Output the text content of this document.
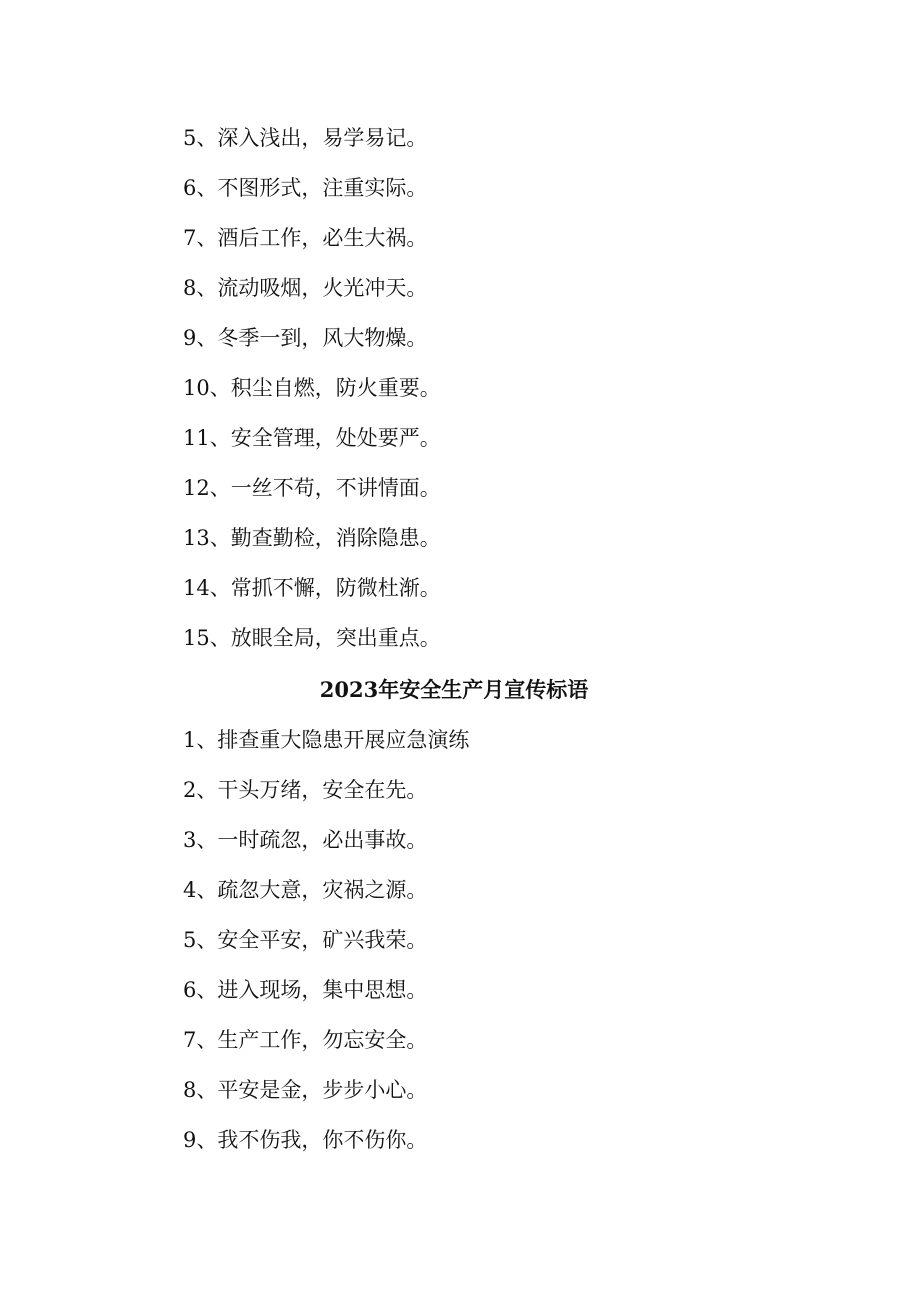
5、深入浅出，易学易记。
6、不图形式，注重实际。
7、酒后工作，必生大祸。
8、流动吸烟，火光冲天。
9、冬季一到，风大物燥。
10、积尘自燃，防火重要。
11、安全管理，处处要严。
12、一丝不苟，不讲情面。
13、勤查勤检，消除隐患。
14、常抓不懈，防微杜渐。
15、放眼全局，突出重点。
2023年安全生产月宣传标语
1、排查重大隐患开展应急演练
2、干头万绪，安全在先。
3、一时疏忽，必出事故。
4、疏忽大意，灾祸之源。
5、安全平安，矿兴我荣。
6、进入现场，集中思想。
7、生产工作，勿忘安全。
8、平安是金，步步小心。
9、我不伤我，你不伤你。
